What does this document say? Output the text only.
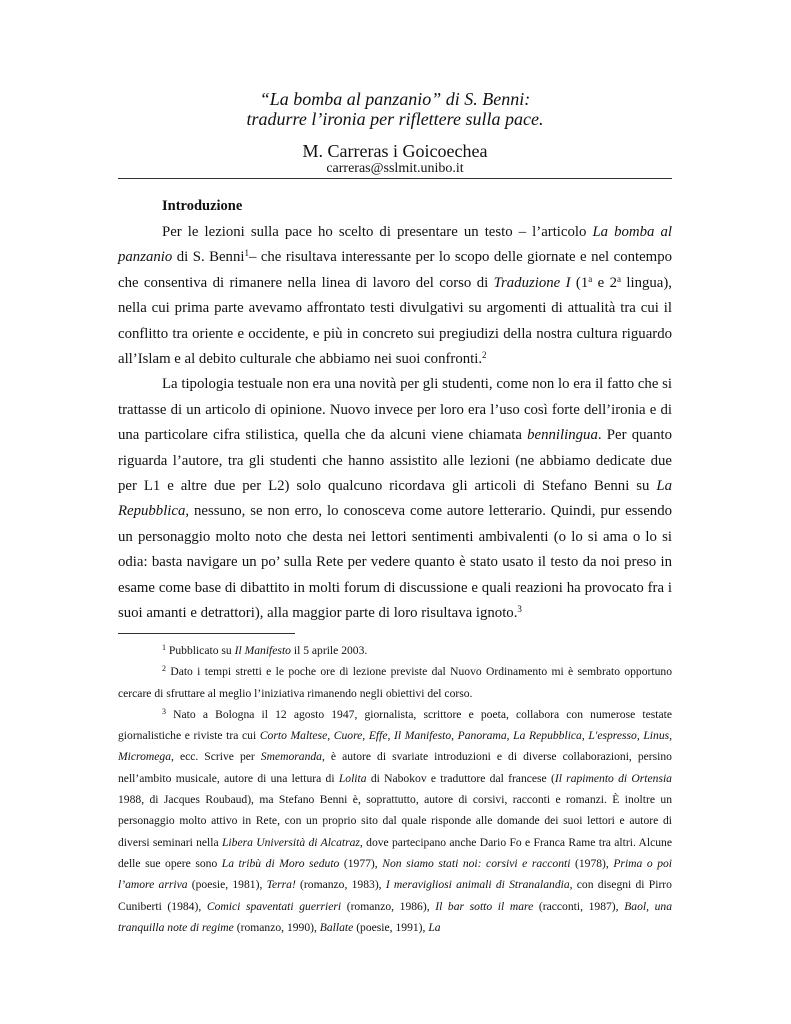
“La bomba al panzanio” di S. Benni:
tradurre l’ironia per riflettere sulla pace.
M. Carreras i Goicoechea
carreras@sslmit.unibo.it
Introduzione

Per le lezioni sulla pace ho scelto di presentare un testo – l’articolo La bomba al panzanio di S. Benni$^1$– che risultava interessante per lo scopo delle giornate e nel contempo che consentiva di rimanere nella linea di lavoro del corso di Traduzione I (1$^a$ e 2$^a$ lingua), nella cui prima parte avevamo affrontato testi divulgativi su argomenti di attualità tra cui il conflitto tra oriente e occidente, e più in concreto sui pregiudizi della nostra cultura riguardo all’Islam e al debito culturale che abbiamo nei suoi confronti.$^2$

La tipologia testuale non era una novità per gli studenti, come non lo era il fatto che si trattasse di un articolo di opinione. Nuovo invece per loro era l’uso così forte dell’ironia e di una particolare cifra stilistica, quella che da alcuni viene chiamata bennilingua. Per quanto riguarda l’autore, tra gli studenti che hanno assistito alle lezioni (ne abbiamo dedicate due per L1 e altre due per L2) solo qualcuno ricordava gli articoli di Stefano Benni su La Repubblica, nessuno, se non erro, lo conosceva come autore letterario. Quindi, pur essendo un personaggio molto noto che desta nei lettori sentimenti ambivalenti (o lo si ama o lo si odia: basta navigare un po’ sulla Rete per vedere quanto è stato usato il testo da noi preso in esame come base di dibattito in molti forum di discussione e quali reazioni ha provocato fra i suoi amanti e detrattori), alla maggior parte di loro risultava ignoto.$^3$

$^1$ Pubblicato su Il Manifesto il 5 aprile 2003.

$^2$ Dato i tempi stretti e le poche ore di lezione previste dal Nuovo Ordinamento mi è sembrato opportuno cercare di sfruttare al meglio l’iniziativa rimanendo negli obiettivi del corso.

$^3$ Nato a Bologna il 12 agosto 1947, giornalista, scrittore e poeta, collabora con numerose testate giornalistiche e riviste tra cui Corto Maltese, Cuore, Effe, Il Manifesto, Panorama, La Repubblica, L'espresso, Linus, Micromega, ecc. Scrive per Smemoranda, è autore di svariate introduzioni e di diverse collaborazioni, persino nell’ambito musicale, autore di una lettura di Lolita di Nabokov e traduttore dal francese (Il rapimento di Ortensia 1988, di Jacques Roubaud), ma Stefano Benni è, soprattutto, autore di corsivi, racconti e romanzi. È inoltre un personaggio molto attivo in Rete, con un proprio sito dal quale risponde alle domande dei suoi lettori e autore di diversi seminari nella Libera Università di Alcatraz, dove partecipano anche Dario Fo e Franca Rame tra altri. Alcune delle sue opere sono La tribù di Moro seduto (1977), Non siamo stati noi: corsivi e racconti (1978), Prima o poi l’amore arriva (poesie, 1981), Terra! (romanzo, 1983), I meravigliosi animali di Stranalandia, con disegni di Pirro Cuniberti (1984), Comici spaventati guerrieri (romanzo, 1986), Il bar sotto il mare (racconti, 1987), Baol, una tranquilla note di regime (romanzo, 1990), Ballate (poesie, 1991), La
